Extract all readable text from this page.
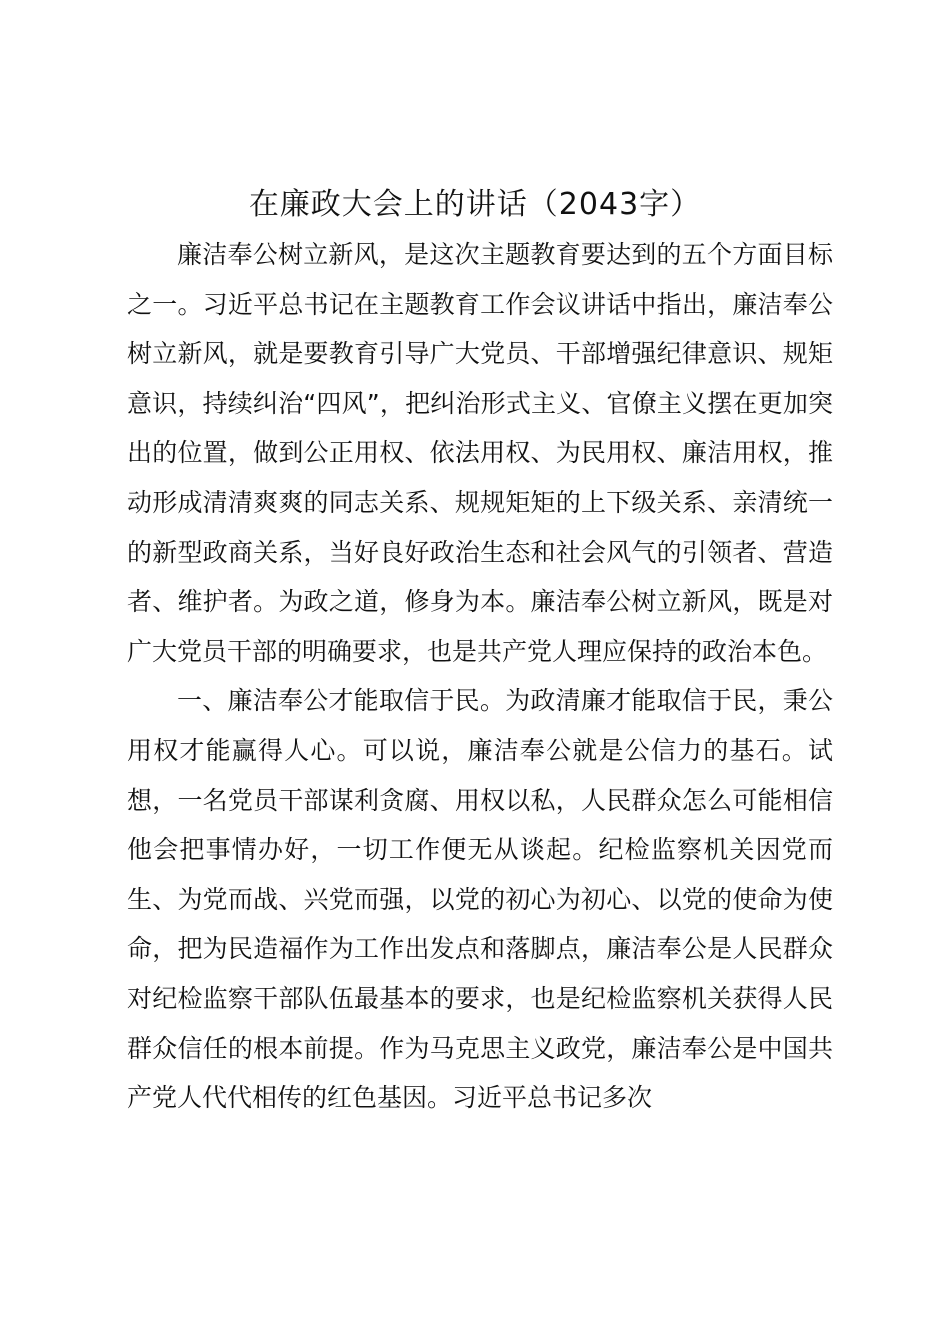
在廉政大会上的讲话（2043字）

廉洁奉公树立新风，是这次主题教育要达到的五个方面目标之一。习近平总书记在主题教育工作会议讲话中指出，廉洁奉公树立新风，就是要教育引导广大党员、干部增强纪律意识、规矩意识，持续纠治“四风”，把纠治形式主义、官僚主义摆在更加突出的位置，做到公正用权、依法用权、为民用权、廉洁用权，推动形成清清爽爽的同志关系、规规矩矩的上下级关系、亲清统一的新型政商关系，当好良好政治生态和社会风气的引领者、营造者、维护者。为政之道，修身为本。廉洁奉公树立新风，既是对广大党员干部的明确要求，也是共产党人理应保持的政治本色。

一、廉洁奉公才能取信于民。为政清廉才能取信于民，秉公用权才能赢得人心。可以说，廉洁奉公就是公信力的基石。试想，一名党员干部谋利贪腐、用权以私，人民群众怎么可能相信他会把事情办好，一切工作便无从谈起。纪检监察机关因党而生、为党而战、兴党而强，以党的初心为初心、以党的使命为使命，把为民造福作为工作出发点和落脚点，廉洁奉公是人民群众对纪检监察干部队伍最基本的要求，也是纪检监察机关获得人民群众信任的根本前提。作为马克思主义政党，廉洁奉公是中国共产党人代代相传的红色基因。习近平总书记多次
